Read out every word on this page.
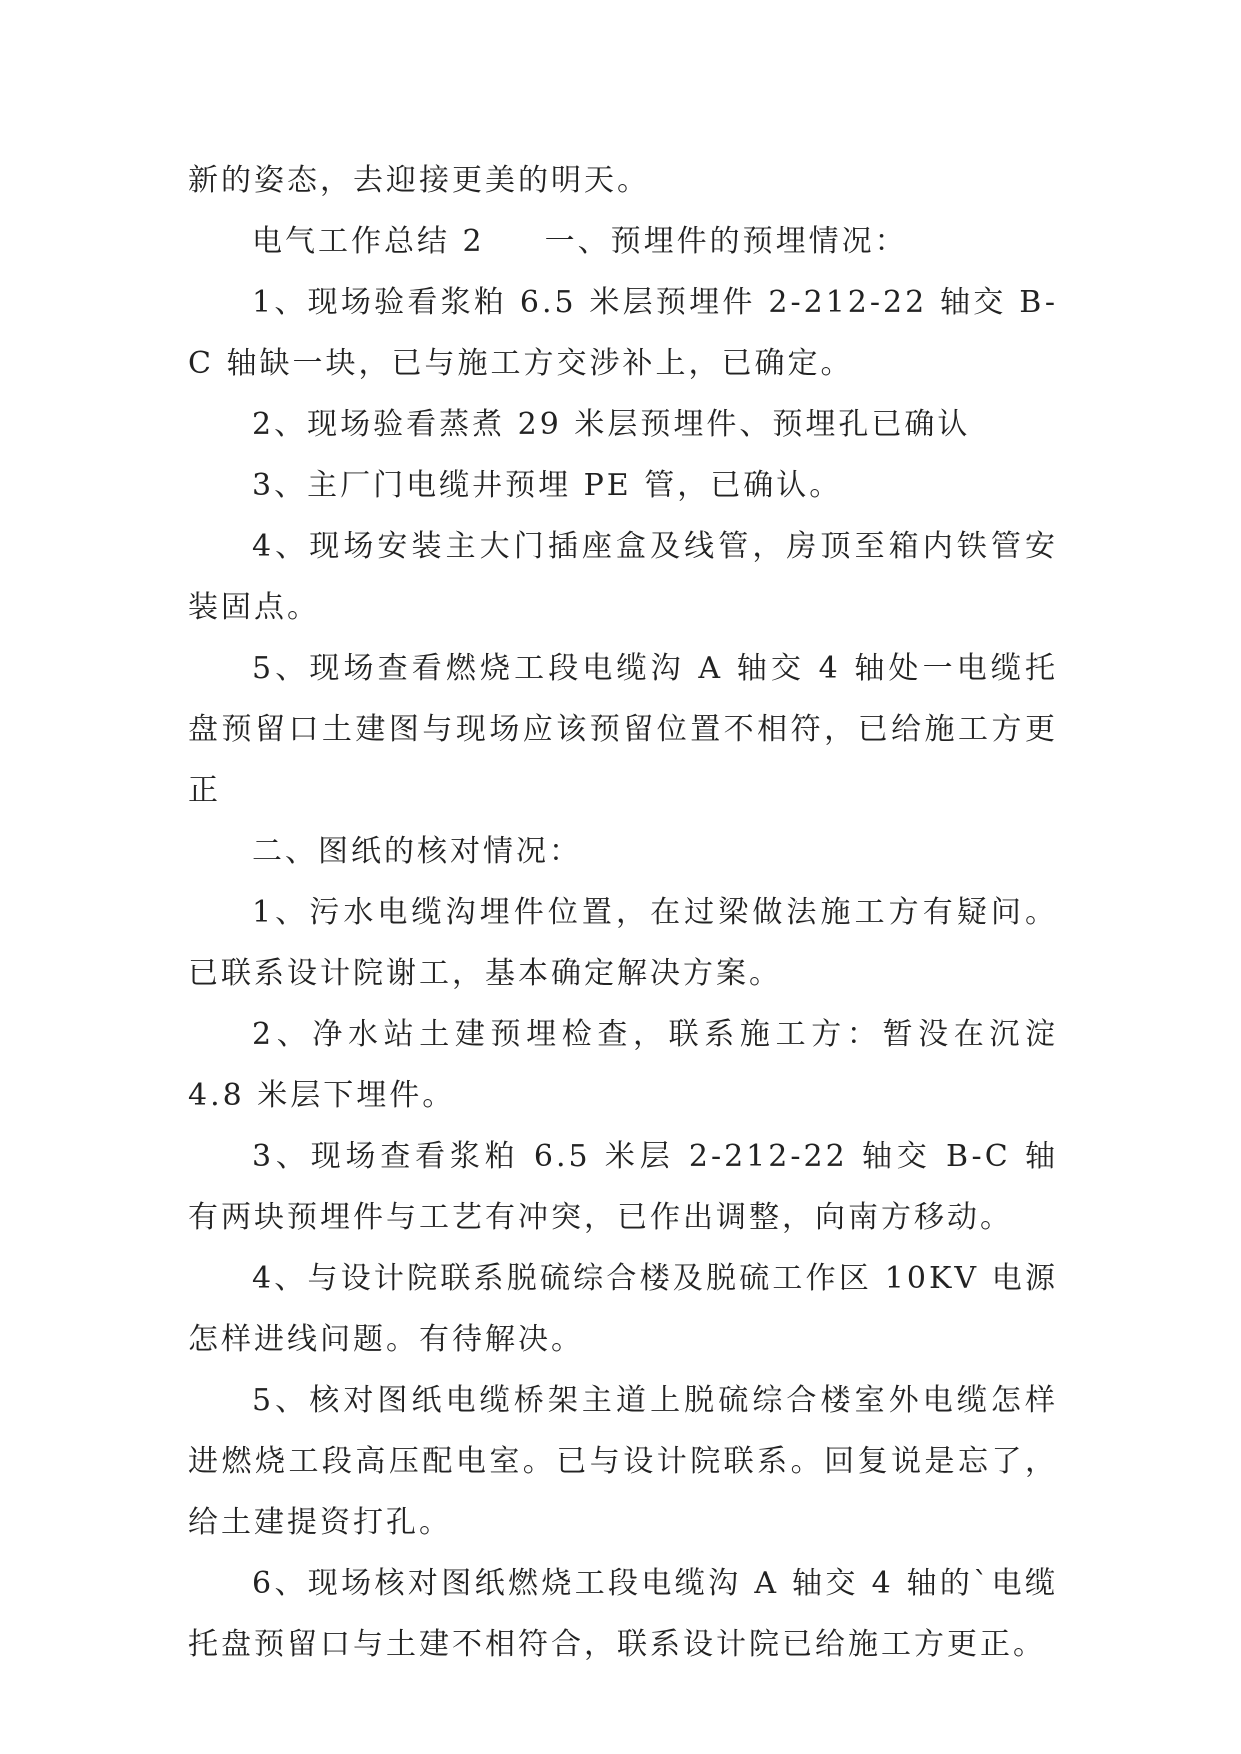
新的姿态，去迎接更美的明天。

电气工作总结 2 一、预埋件的预埋情况：

1、现场验看浆粕 6.5 米层预埋件 2-212-22 轴交 B-C 轴缺一块，已与施工方交涉补上，已确定。

2、现场验看蒸煮 29 米层预埋件、预埋孔已确认

3、主厂门电缆井预埋 PE 管，已确认。

4、现场安装主大门插座盒及线管，房顶至箱内铁管安装固点。

5、现场查看燃烧工段电缆沟 A 轴交 4 轴处一电缆托盘预留口土建图与现场应该预留位置不相符，已给施工方更正

二、图纸的核对情况：

1、污水电缆沟埋件位置，在过梁做法施工方有疑问。已联系设计院谢工，基本确定解决方案。

2、净水站土建预埋检查，联系施工方：暂没在沉淀 4.8 米层下埋件。

3、现场查看浆粕 6.5 米层 2-212-22 轴交 B-C 轴有两块预埋件与工艺有冲突，已作出调整，向南方移动。

4、与设计院联系脱硫综合楼及脱硫工作区 10KV 电源怎样进线问题。有待解决。

5、核对图纸电缆桥架主道上脱硫综合楼室外电缆怎样进燃烧工段高压配电室。已与设计院联系。回复说是忘了，给土建提资打孔。

6、现场核对图纸燃烧工段电缆沟 A 轴交 4 轴的`电缆托盘预留口与土建不相符合，联系设计院已给施工方更正。
